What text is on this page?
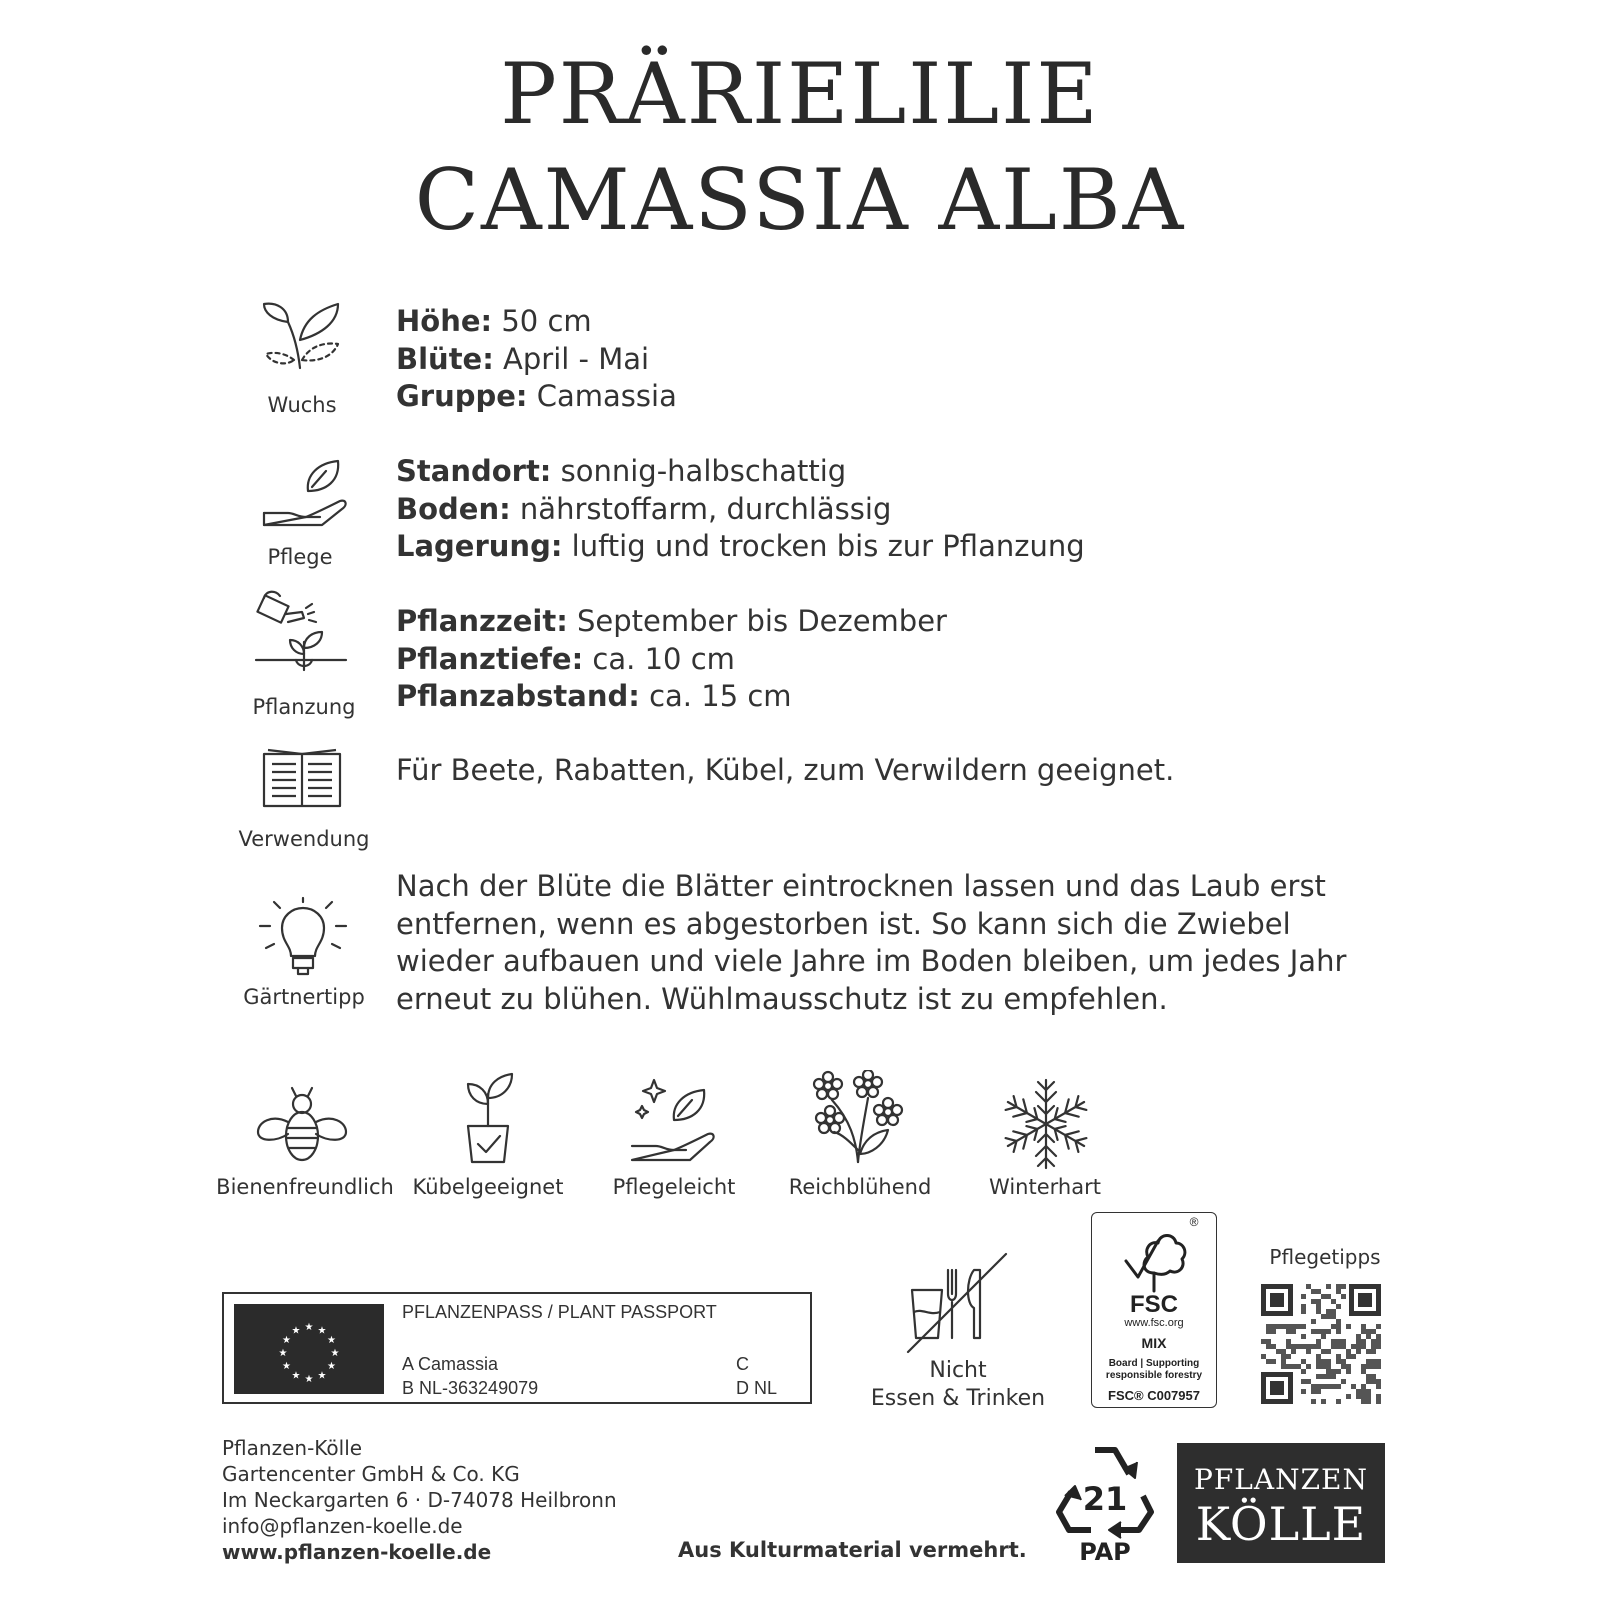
PRÄRIELILIE
CAMASSIA ALBA
Wuchs
Höhe: 50 cm
Blüte: April - Mai
Gruppe: Camassia
Pflege
Standort: sonnig-halbschattig
Boden: nährstoffarm, durchlässig
Lagerung: luftig und trocken bis zur Pflanzung
Pflanzung
Pflanzzeit: September bis Dezember
Pflanztiefe: ca. 10 cm
Pflanzabstand: ca. 15 cm
Verwendung
Für Beete, Rabatten, Kübel, zum Verwildern geeignet.
Gärtnertipp
Nach der Blüte die Blätter eintrocknen lassen und das Laub erst
entfernen, wenn es abgestorben ist. So kann sich die Zwiebel
wieder aufbauen und viele Jahre im Boden bleiben, um jedes Jahr
erneut zu blühen. Wühlmausschutz ist zu empfehlen.
Bienenfreundlich Kübelgeeignet	Pflegeleicht	Reichblühend	Winterhart
★ ★
★
★
★
★
★
★
★
★
★
★
PFLANZENPASS / PLANT PASSPORT
A Camassia
B NL-363249079
C
D NL
Nicht
Essen & Trinken
®
FSC
www.fsc.org
MIX
Board | Supporting
responsible forestry
FSC® C007957
Pflegetipps
Pflanzen-Kölle
Gartencenter GmbH & Co. KG
Im Neckargarten 6 · D-74078 Heilbronn
info@pflanzen-koelle.de
www.pflanzen-koelle.de	Aus Kulturmaterial vermehrt.
21
PAP
PFLANZEN
KÖLLE
